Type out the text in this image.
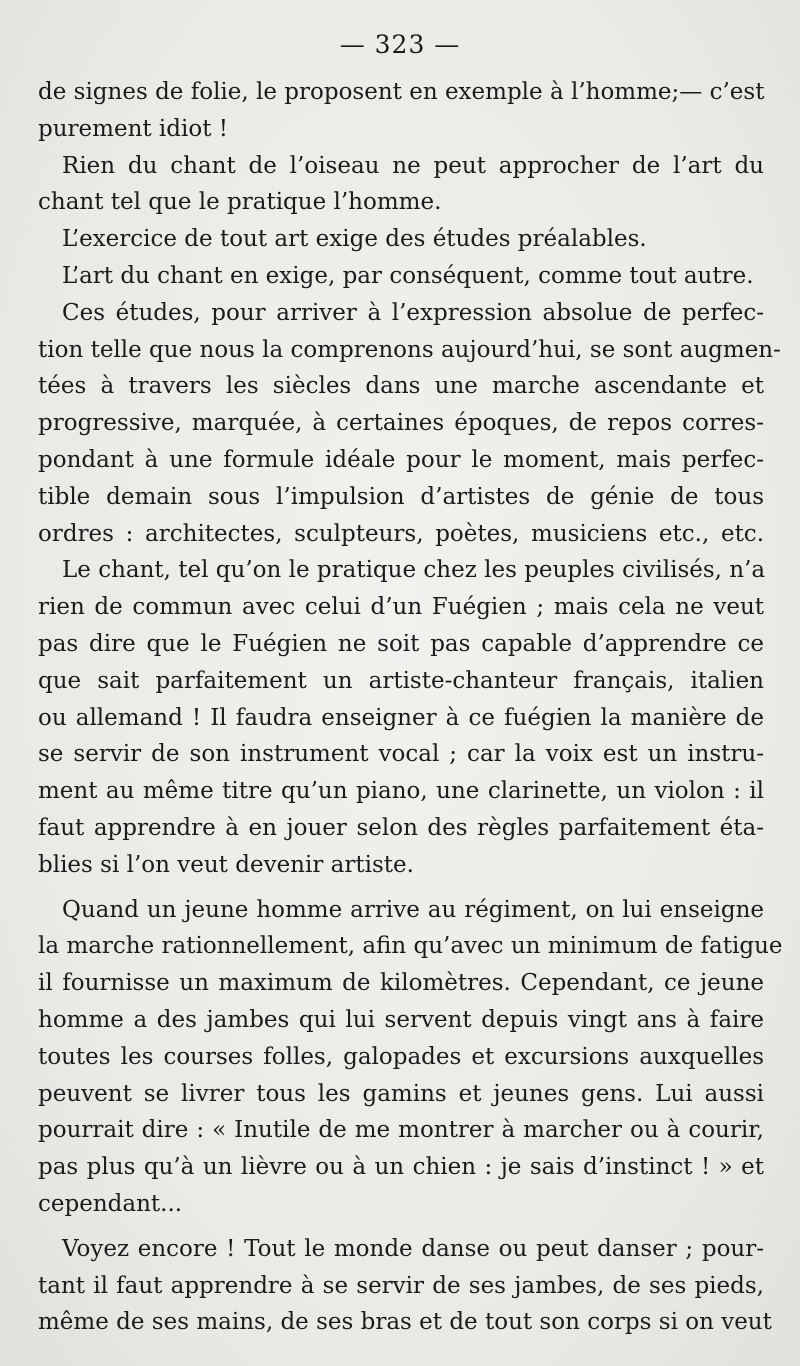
— 323 —
de signes de folie, le proposent en exemple à l’homme;— c’est
purement idiot !
Rien du chant de l’oiseau ne peut approcher de l’art du
chant tel que le pratique l’homme.
L’exercice de tout art exige des études préalables.
L’art du chant en exige, par conséquent, comme tout autre.
Ces études, pour arriver à l’expression absolue de perfec-
tion telle que nous la comprenons aujourd’hui, se sont augmen-
tées à travers les siècles dans une marche ascendante et
progressive, marquée, à certaines époques, de repos corres-
pondant à une formule idéale pour le moment, mais perfec-
tible demain sous l’impulsion d’artistes de génie de tous
ordres : architectes, sculpteurs, poètes, musiciens etc., etc.
Le chant, tel qu’on le pratique chez les peuples civilisés, n’a
rien de commun avec celui d’un Fuégien ; mais cela ne veut
pas dire que le Fuégien ne soit pas capable d’apprendre ce
que sait parfaitement un artiste-chanteur français, italien
ou allemand ! Il faudra enseigner à ce fuégien la manière de
se servir de son instrument vocal ; car la voix est un instru-
ment au même titre qu’un piano, une clarinette, un violon : il
faut apprendre à en jouer selon des règles parfaitement éta-
blies si l’on veut devenir artiste.
Quand un jeune homme arrive au régiment, on lui enseigne
la marche rationnellement, afin qu’avec un minimum de fatigue
il fournisse un maximum de kilomètres. Cependant, ce jeune
homme a des jambes qui lui servent depuis vingt ans à faire
toutes les courses folles, galopades et excursions auxquelles
peuvent se livrer tous les gamins et jeunes gens. Lui aussi
pourrait dire : « Inutile de me montrer à marcher ou à courir,
pas plus qu’à un lièvre ou à un chien : je sais d’instinct ! » et
cependant...
Voyez encore ! Tout le monde danse ou peut danser ; pour-
tant il faut apprendre à se servir de ses jambes, de ses pieds,
même de ses mains, de ses bras et de tout son corps si on veut
